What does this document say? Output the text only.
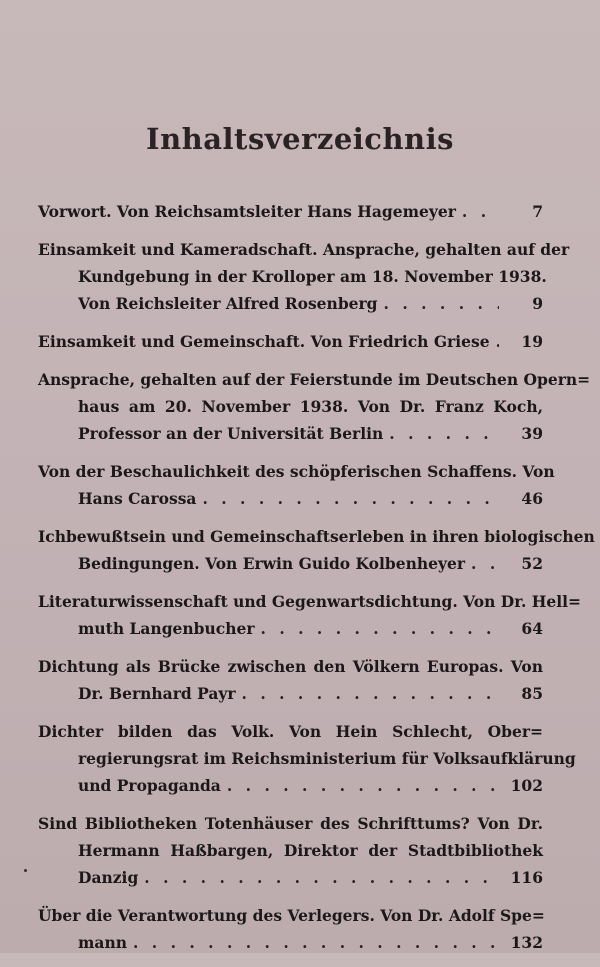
Inhaltsverzeichnis
Vorwort. Von Reichsamtsleiter Hans Hagemeyer . . .	7
Einsamkeit und Kameradschaft. Ansprache, gehalten auf der
Kundgebung in der Krolloper am 18. November 1938.
Von Reichsleiter Alfred Rosenberg . . .	9
Einsamkeit und Gemeinschaft. Von Friedrich Griese . . .	19
Ansprache, gehalten auf der Feierstunde im Deutschen Opern=
haus am 20. November 1938. Von Dr. Franz Koch,
Professor an der Universität Berlin . . .	39
Von der Beschaulichkeit des schöpferischen Schaffens. Von
Hans Carossa . . .	46
Ichbewußtsein und Gemeinschaftserleben in ihren biologischen
Bedingungen. Von Erwin Guido Kolbenheyer . . .	52
Literaturwissenschaft und Gegenwartsdichtung. Von Dr. Hell=
muth Langenbucher . . .	64
Dichtung als Brücke zwischen den Völkern Europas. Von
Dr. Bernhard Payr . . .	85
Dichter bilden das Volk. Von Hein Schlecht, Ober=
regierungsrat im Reichsministerium für Volksaufklärung
und Propaganda . . .	102
Sind Bibliotheken Totenhäuser des Schrifttums? Von Dr.
Hermann Haßbargen, Direktor der Stadtbibliothek
Danzig . . .	116
Über die Verantwortung des Verlegers. Von Dr. Adolf Spe=
mann . . .	132
